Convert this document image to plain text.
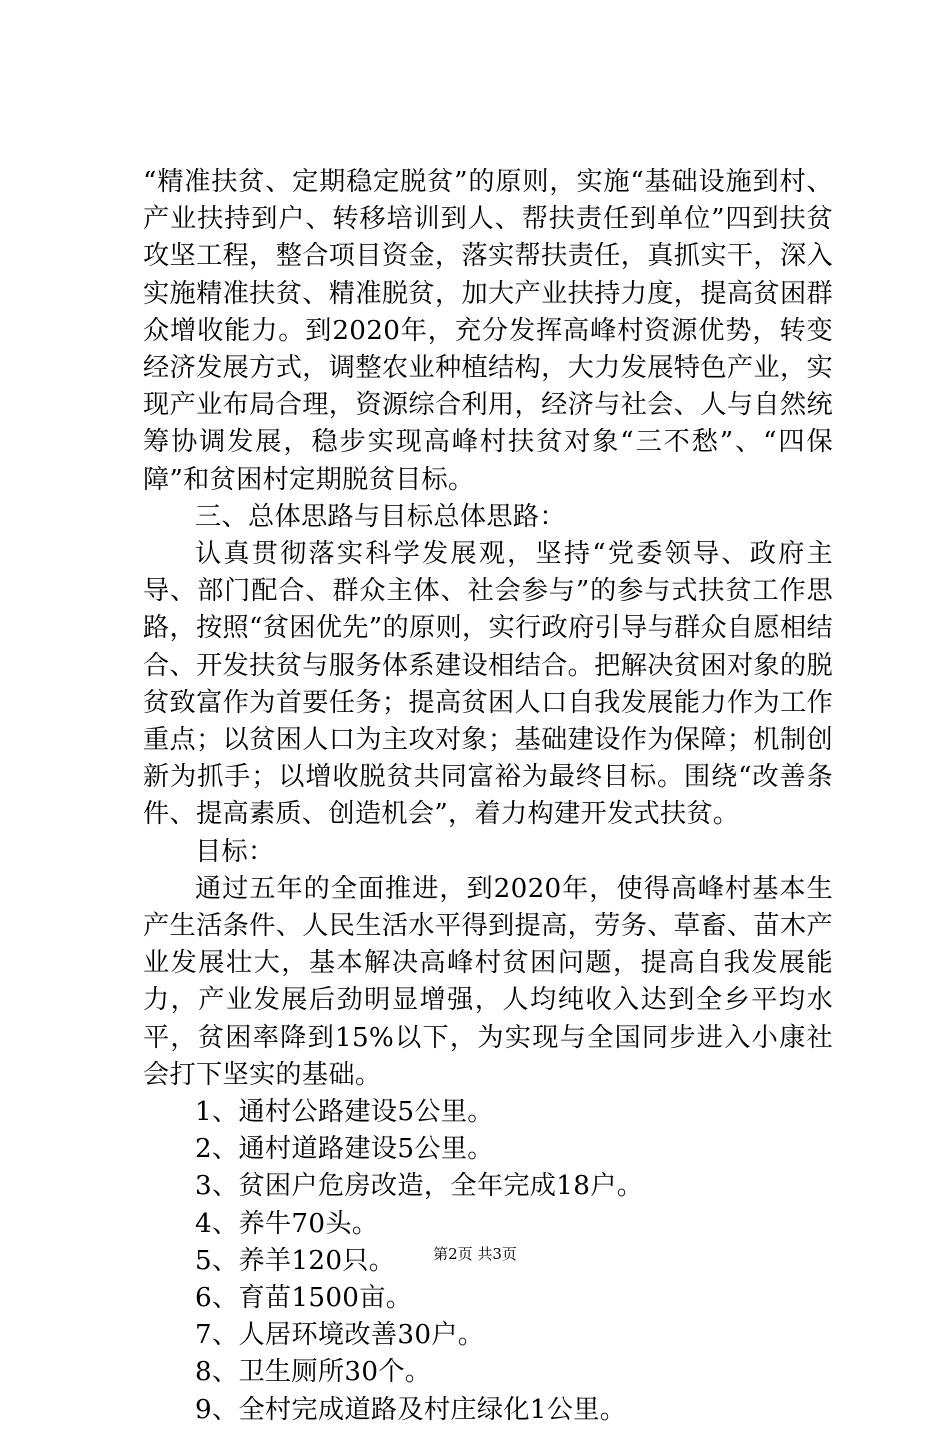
“精准扶贫、定期稳定脱贫”的原则，实施“基础设施到村、产业扶持到户、转移培训到人、帮扶责任到单位”四到扶贫攻坚工程，整合项目资金，落实帮扶责任，真抓实干，深入实施精准扶贫、精准脱贫，加大产业扶持力度，提高贫困群众增收能力。到2020年，充分发挥高峰村资源优势，转变经济发展方式，调整农业种植结构，大力发展特色产业，实现产业布局合理，资源综合利用，经济与社会、人与自然统筹协调发展，稳步实现高峰村扶贫对象“三不愁”、“四保障”和贫困村定期脱贫目标。

三、总体思路与目标总体思路：

认真贯彻落实科学发展观，坚持“党委领导、政府主导、部门配合、群众主体、社会参与”的参与式扶贫工作思路，按照“贫困优先”的原则，实行政府引导与群众自愿相结合、开发扶贫与服务体系建设相结合。把解决贫困对象的脱贫致富作为首要任务；提高贫困人口自我发展能力作为工作重点；以贫困人口为主攻对象；基础建设作为保障；机制创新为抓手；以增收脱贫共同富裕为最终目标。围绕“改善条件、提高素质、创造机会”，着力构建开发式扶贫。

目标：

通过五年的全面推进，到2020年，使得高峰村基本生产生活条件、人民生活水平得到提高，劳务、草畜、苗木产业发展壮大，基本解决高峰村贫困问题，提高自我发展能力，产业发展后劲明显增强，人均纯收入达到全乡平均水平，贫困率降到15%以下，为实现与全国同步进入小康社会打下坚实的基础。

1、通村公路建设5公里。

2、通村道路建设5公里。

3、贫困户危房改造，全年完成18户。

4、养牛70头。

5、养羊120只。

6、育苗1500亩。

7、人居环境改善30户。

8、卫生厕所30个。

9、全村完成道路及村庄绿化1公里。

第2页 共3页
